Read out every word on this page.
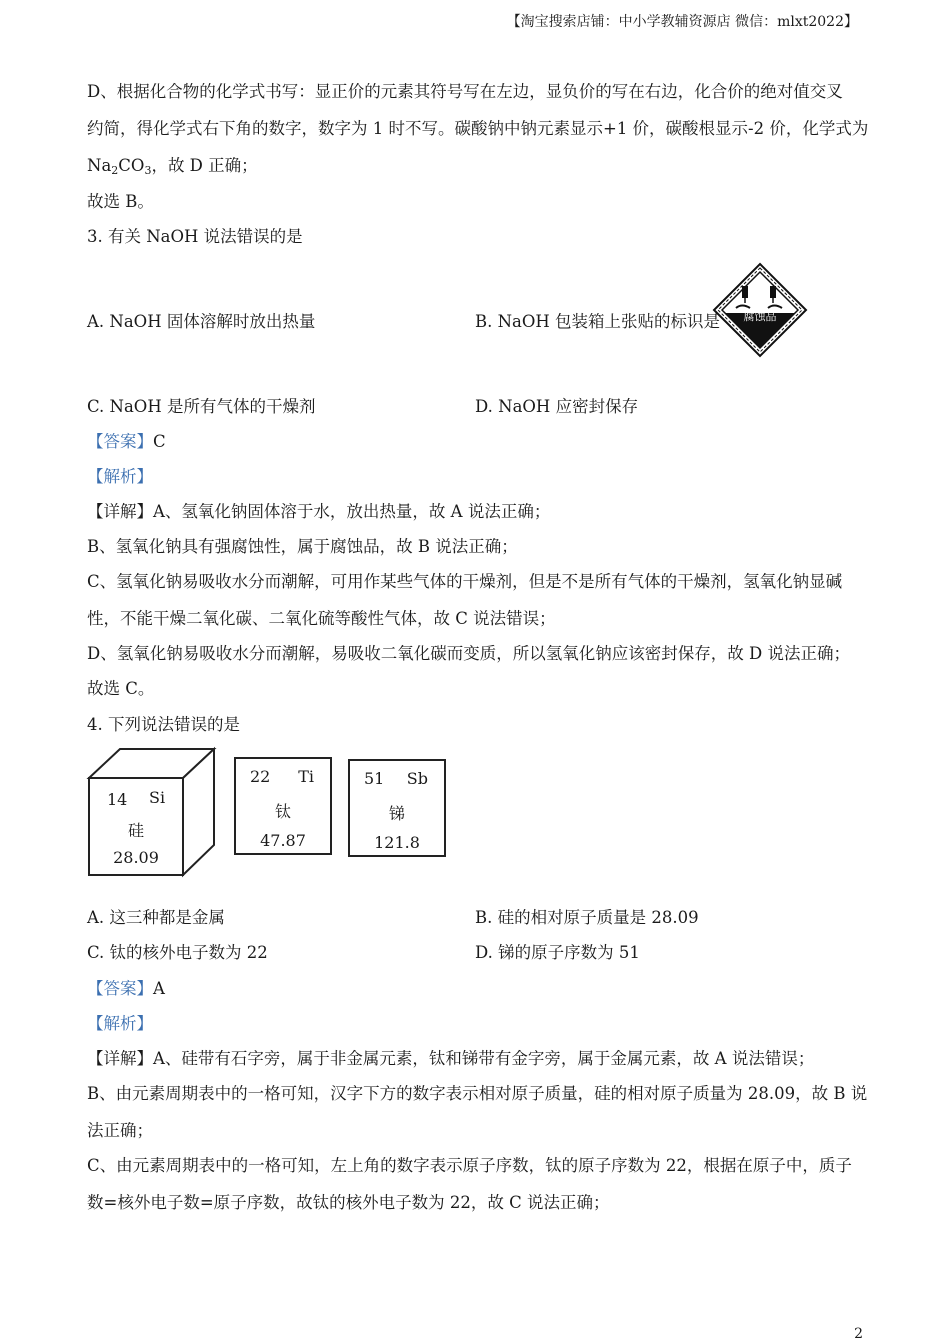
【淘宝搜索店铺：中小学教辅资源店 微信：mlxt2022】
D、根据化合物的化学式书写：显正价的元素其符号写在左边，显负价的写在右边，化合价的绝对值交叉
约简，得化学式右下角的数字，数字为 1 时不写。碳酸钠中钠元素显示+1 价，碳酸根显示-2 价，化学式为
$Na_2CO_3$，故 D 正确；
故选 B。
3. 有关 NaOH 说法错误的是
A. NaOH 固体溶解时放出热量	B. NaOH 包装箱上张贴的标识是 腐蚀品
C. NaOH 是所有气体的干燥剂	D. NaOH 应密封保存
【答案】C
【解析】
【详解】A、氢氧化钠固体溶于水，放出热量，故 A 说法正确；
B、氢氧化钠具有强腐蚀性，属于腐蚀品，故 B 说法正确；
C、氢氧化钠易吸收水分而潮解，可用作某些气体的干燥剂，但是不是所有气体的干燥剂，氢氧化钠显碱
性，不能干燥二氧化碳、二氧化硫等酸性气体，故 C 说法错误；
D、氢氧化钠易吸收水分而潮解，易吸收二氧化碳而变质，所以氢氧化钠应该密封保存，故 D 说法正确；
故选 C。
4. 下列说法错误的是
14 Si
硅
28.09
22 Ti
钛
47.87
51 Sb
锑
121.8
A. 这三种都是金属	B. 硅的相对原子质量是 28.09
C. 钛的核外电子数为 22	D. 锑的原子序数为 51
【答案】A
【解析】
【详解】A、硅带有石字旁，属于非金属元素，钛和锑带有金字旁，属于金属元素，故 A 说法错误；
B、由元素周期表中的一格可知，汉字下方的数字表示相对原子质量，硅的相对原子质量为 28.09，故 B 说
法正确；
C、由元素周期表中的一格可知，左上角的数字表示原子序数，钛的原子序数为 22，根据在原子中，质子
数=核外电子数=原子序数，故钛的核外电子数为 22，故 C 说法正确；
2
